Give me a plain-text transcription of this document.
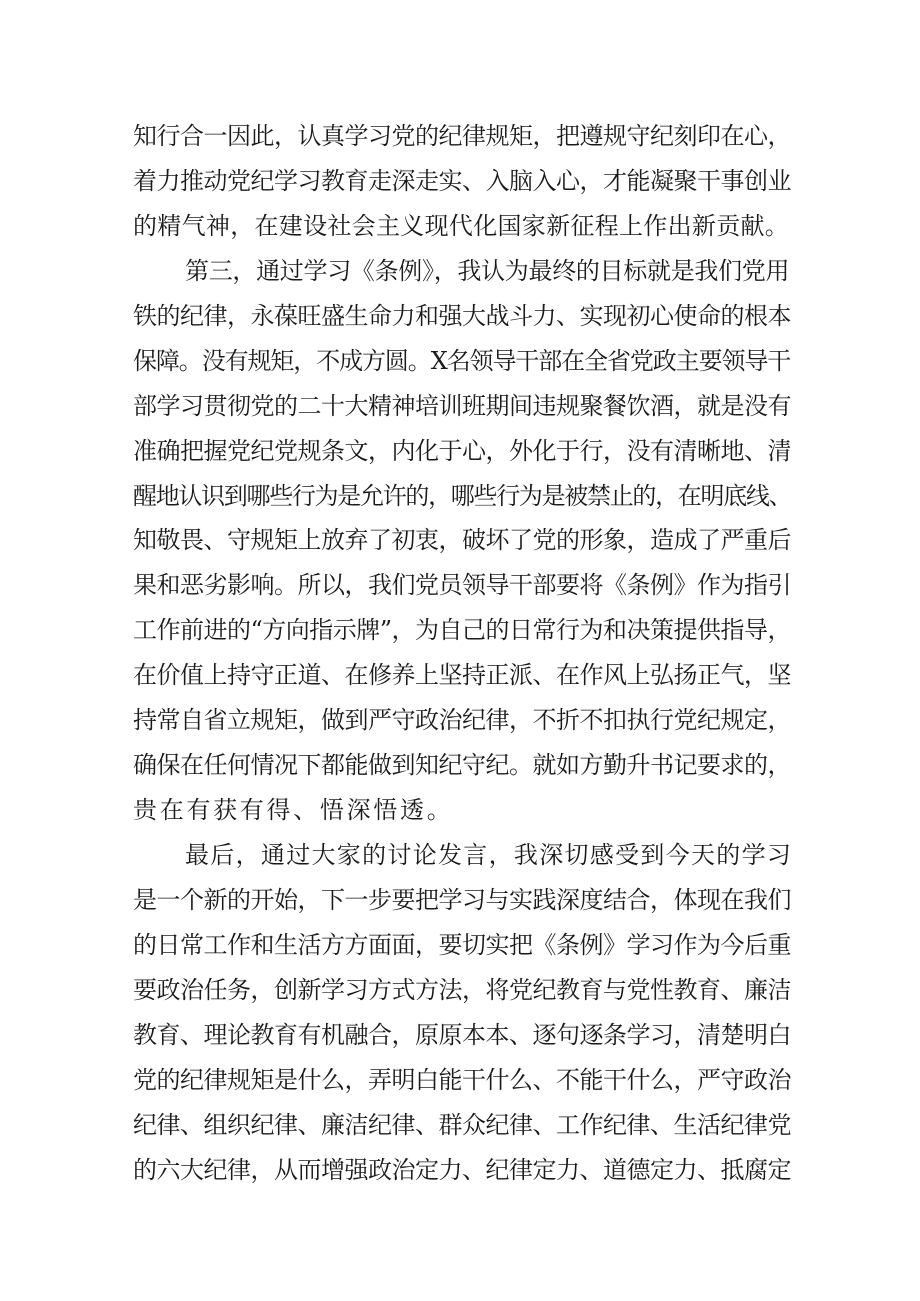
知行合一因此，认真学习党的纪律规矩，把遵规守纪刻印在心，
着力推动党纪学习教育走深走实、入脑入心，才能凝聚干事创业
的精气神，在建设社会主义现代化国家新征程上作出新贡献。
第三，通过学习《条例》，我认为最终的目标就是我们党用
铁的纪律，永葆旺盛生命力和强大战斗力、实现初心使命的根本
保障。没有规矩，不成方圆。X名领导干部在全省党政主要领导干
部学习贯彻党的二十大精神培训班期间违规聚餐饮酒，就是没有
准确把握党纪党规条文，内化于心，外化于行，没有清晰地、清
醒地认识到哪些行为是允许的，哪些行为是被禁止的，在明底线、
知敬畏、守规矩上放弃了初衷，破坏了党的形象，造成了严重后
果和恶劣影响。所以，我们党员领导干部要将《条例》作为指引
工作前进的“方向指示牌”，为自己的日常行为和决策提供指导，
在价值上持守正道、在修养上坚持正派、在作风上弘扬正气，坚
持常自省立规矩，做到严守政治纪律，不折不扣执行党纪规定，
确保在任何情况下都能做到知纪守纪。就如方勤升书记要求的，
贵在有获有得、悟深悟透。
最后，通过大家的讨论发言，我深切感受到今天的学习
是一个新的开始，下一步要把学习与实践深度结合，体现在我们
的日常工作和生活方方面面，要切实把《条例》学习作为今后重
要政治任务，创新学习方式方法，将党纪教育与党性教育、廉洁
教育、理论教育有机融合，原原本本、逐句逐条学习，清楚明白
党的纪律规矩是什么，弄明白能干什么、不能干什么，严守政治
纪律、组织纪律、廉洁纪律、群众纪律、工作纪律、生活纪律党
的六大纪律，从而增强政治定力、纪律定力、道德定力、抵腐定
